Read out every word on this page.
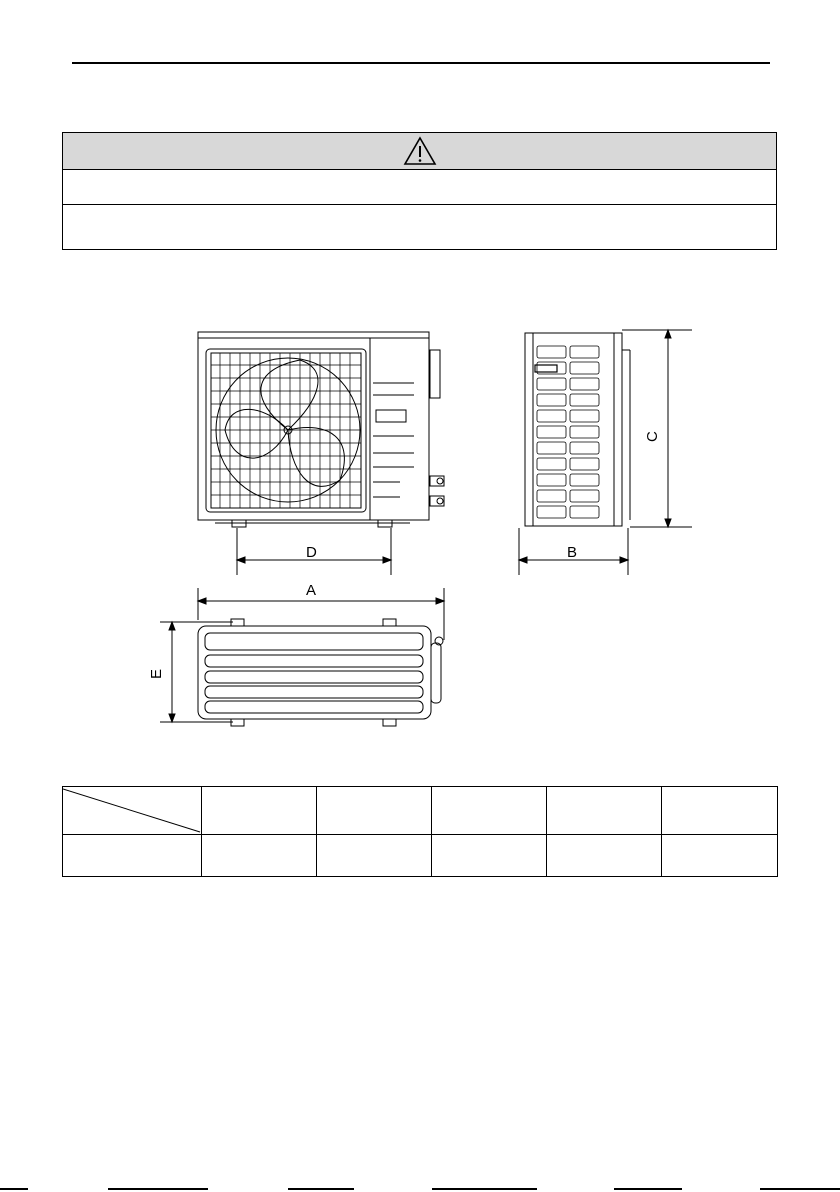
D
A
B
C
E
